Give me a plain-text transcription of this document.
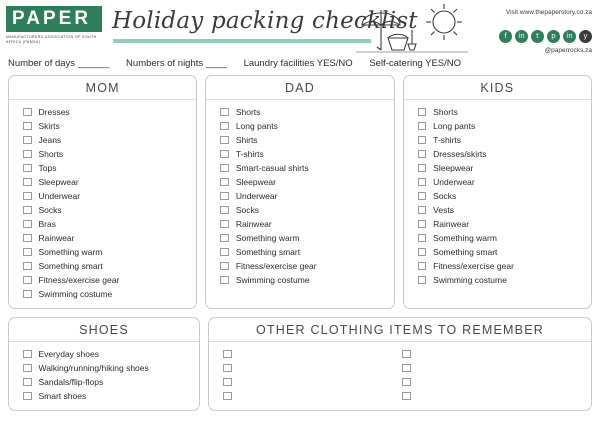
PAPER
MANUFACTURERS ASSOCIATION OF SOUTH AFRICA (PAMSA)
Holiday packing checklist	Visit www.thepaperstory.co.za
f	in	t	p	in	y
@paperrocks.za
Number of days ______ Numbers of nights ____ Laundry facilities YES/NO Self-catering YES/NO
MOM
Dresses
Skirts
Jeans
Shorts
Tops
Sleepwear
Underwear
Socks
Bras
Rainwear
Something warm
Something smart
Fitness/exercise gear
Swimming costume
DAD
Shorts
Long pants
Shirts
T-shirts
Smart-casual shirts
Sleepwear
Underwear
Socks
Rainwear
Something warm
Something smart
Fitness/exercise gear
Swimming costume
KIDS
Shorts
Long pants
T-shirts
Dresses/skirts
Sleepwear
Underwear
Socks
Vests
Rainwear
Something warm
Something smart
Fitness/exercise gear
Swimming costume
SHOES
Everyday shoes
Walking/running/hiking shoes
Sandals/flip-flops
Smart shoes
OTHER CLOTHING ITEMS TO REMEMBER
